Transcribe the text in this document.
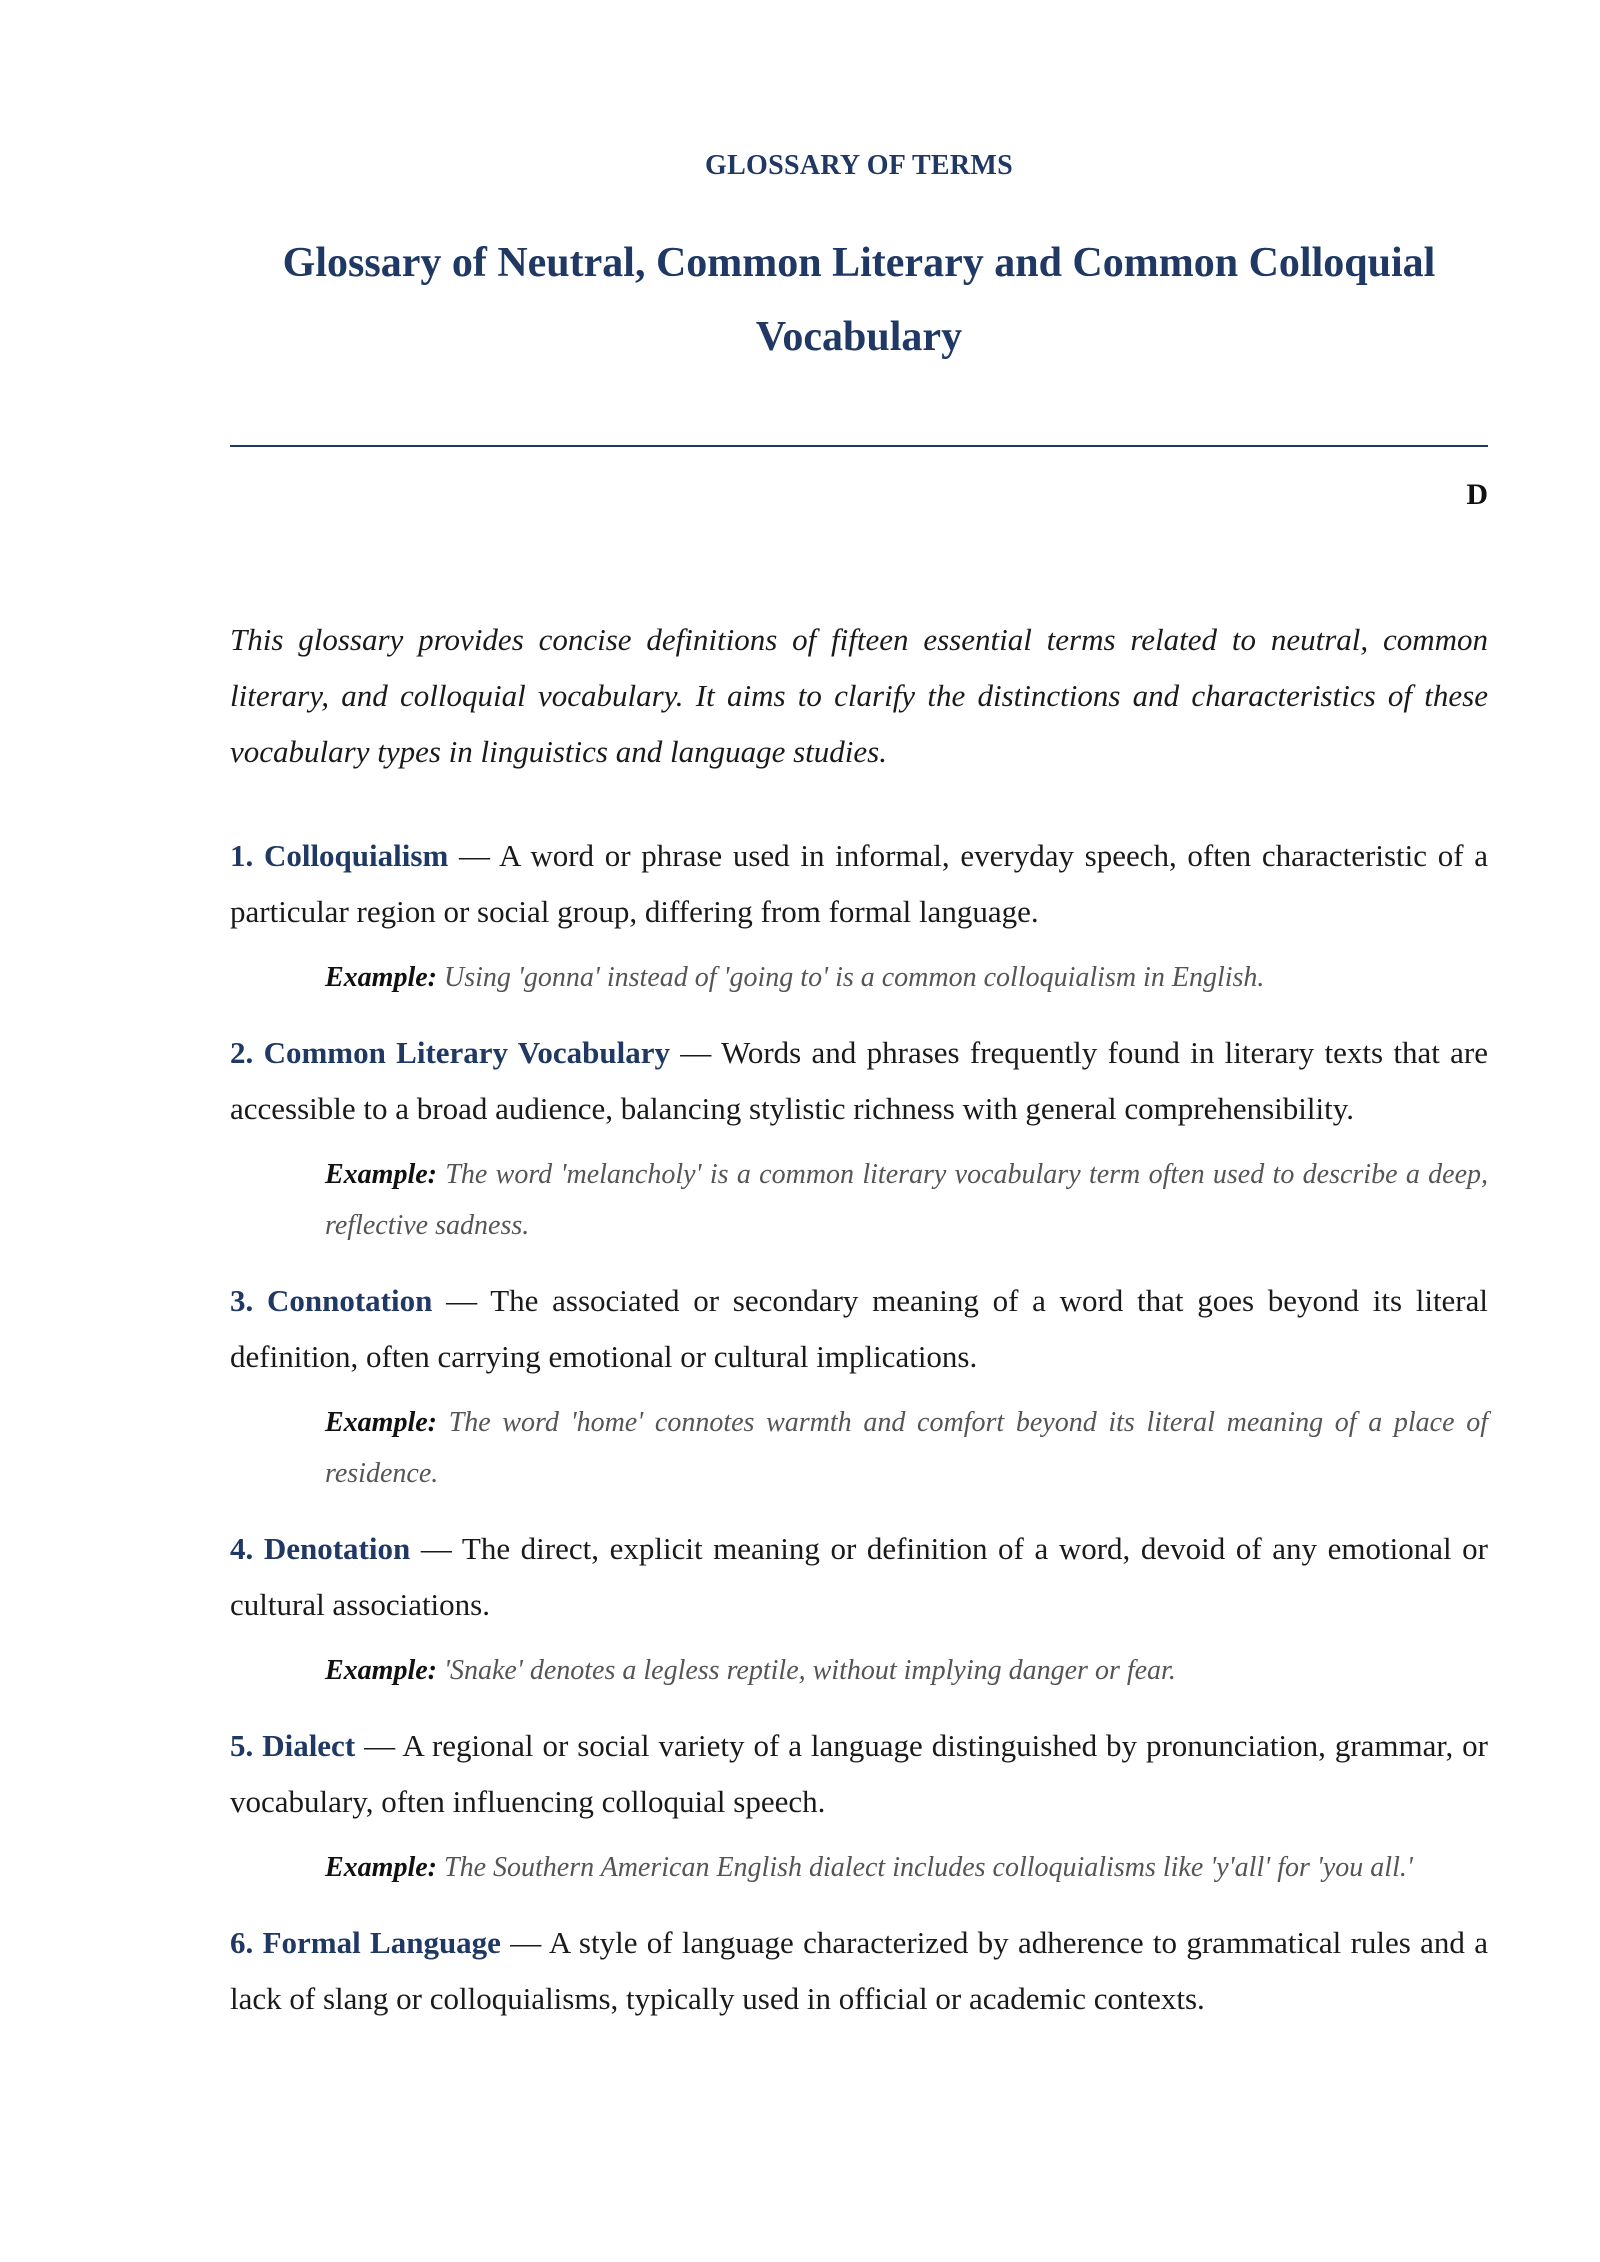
GLOSSARY OF TERMS
Glossary of Neutral, Common Literary and Common Colloquial Vocabulary
D

This glossary provides concise definitions of fifteen essential terms related to neutral, common literary, and colloquial vocabulary. It aims to clarify the distinctions and characteristics of these vocabulary types in linguistics and language studies.

1. Colloquialism — A word or phrase used in informal, everyday speech, often characteristic of a particular region or social group, differing from formal language.

Example: Using 'gonna' instead of 'going to' is a common colloquialism in English.

2. Common Literary Vocabulary — Words and phrases frequently found in literary texts that are accessible to a broad audience, balancing stylistic richness with general comprehensibility.

Example: The word 'melancholy' is a common literary vocabulary term often used to describe a deep, reflective sadness.

3. Connotation — The associated or secondary meaning of a word that goes beyond its literal definition, often carrying emotional or cultural implications.

Example: The word 'home' connotes warmth and comfort beyond its literal meaning of a place of residence.

4. Denotation — The direct, explicit meaning or definition of a word, devoid of any emotional or cultural associations.

Example: 'Snake' denotes a legless reptile, without implying danger or fear.

5. Dialect — A regional or social variety of a language distinguished by pronunciation, grammar, or vocabulary, often influencing colloquial speech.

Example: The Southern American English dialect includes colloquialisms like 'y'all' for 'you all.'

6. Formal Language — A style of language characterized by adherence to grammatical rules and a lack of slang or colloquialisms, typically used in official or academic contexts.
